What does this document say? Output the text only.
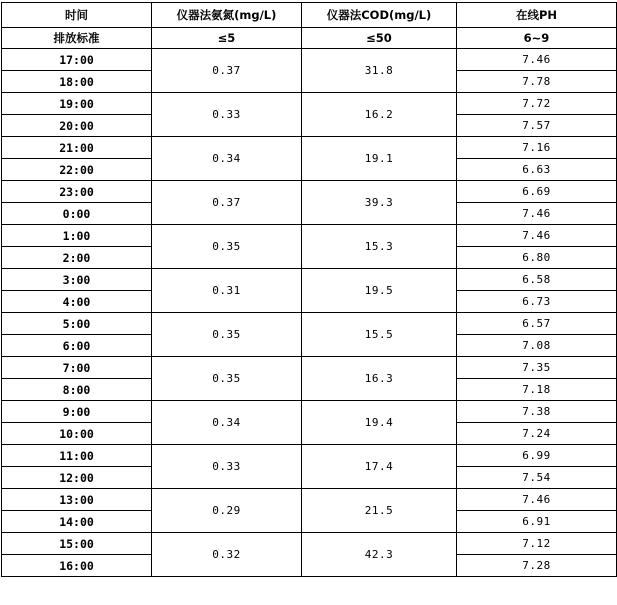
时间	仪器法氨氮(mg/L)	仪器法COD(mg/L)	在线PH
排放标准	≤5	≤50	6~9
17:00	0.37	31.8	7.46
18:00			7.78
19:00	0.33	16.2	7.72
20:00			7.57
21:00	0.34	19.1	7.16
22:00			6.63
23:00	0.37	39.3	6.69
0:00			7.46
1:00	0.35	15.3	7.46
2:00			6.80
3:00	0.31	19.5	6.58
4:00			6.73
5:00	0.35	15.5	6.57
6:00			7.08
7:00	0.35	16.3	7.35
8:00			7.18
9:00	0.34	19.4	7.38
10:00			7.24
11:00	0.33	17.4	6.99
12:00			7.54
13:00	0.29	21.5	7.46
14:00			6.91
15:00	0.32	42.3	7.12
16:00			7.28
